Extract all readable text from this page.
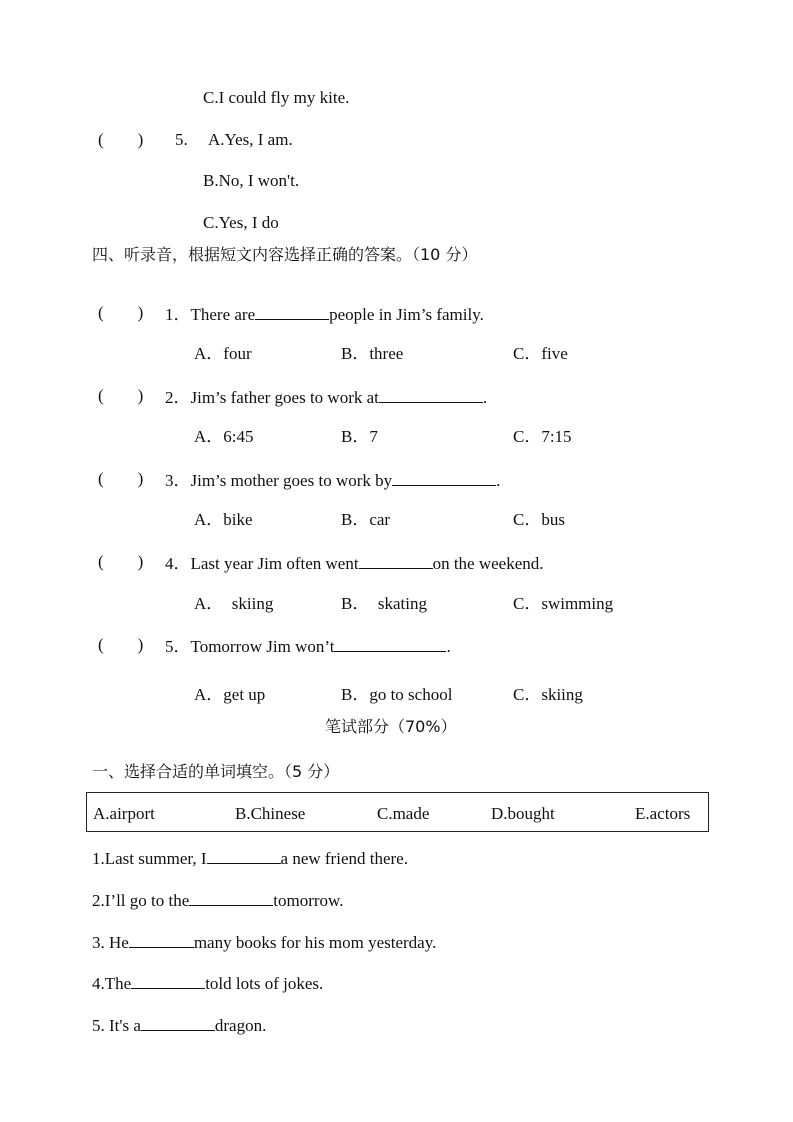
C.I could fly my kite.
(　　) 5. A.Yes, I am.
B.No, I won't.
C.Yes, I do
四、听录音，根据短文内容选择正确的答案。（10 分）
(　　) 1．There are	people in Jim’s family.
A．four	B．three	C．five
(　　) 2．Jim’s father goes to work at	.
A．6:45	B．7	C．7:15
(　　) 3．Jim’s mother goes to work by	.
A．bike	B．car	C．bus
(　　) 4．Last year Jim often went	on the weekend.
A．  skiing	B．  skating	C．swimming
(　　) 5．Tomorrow Jim won’t	.
A．get up	B．go to school	C．skiing
笔试部分（70%）
一、选择合适的单词填空。（5 分）
A.airport	B.Chinese	C.made	D.bought	E.actors
1.Last summer, I	a new friend there.
2.I’ll go to the	tomorrow.
3. He	many books for his mom yesterday.
4.The	told lots of jokes.
5. It's a	dragon.
